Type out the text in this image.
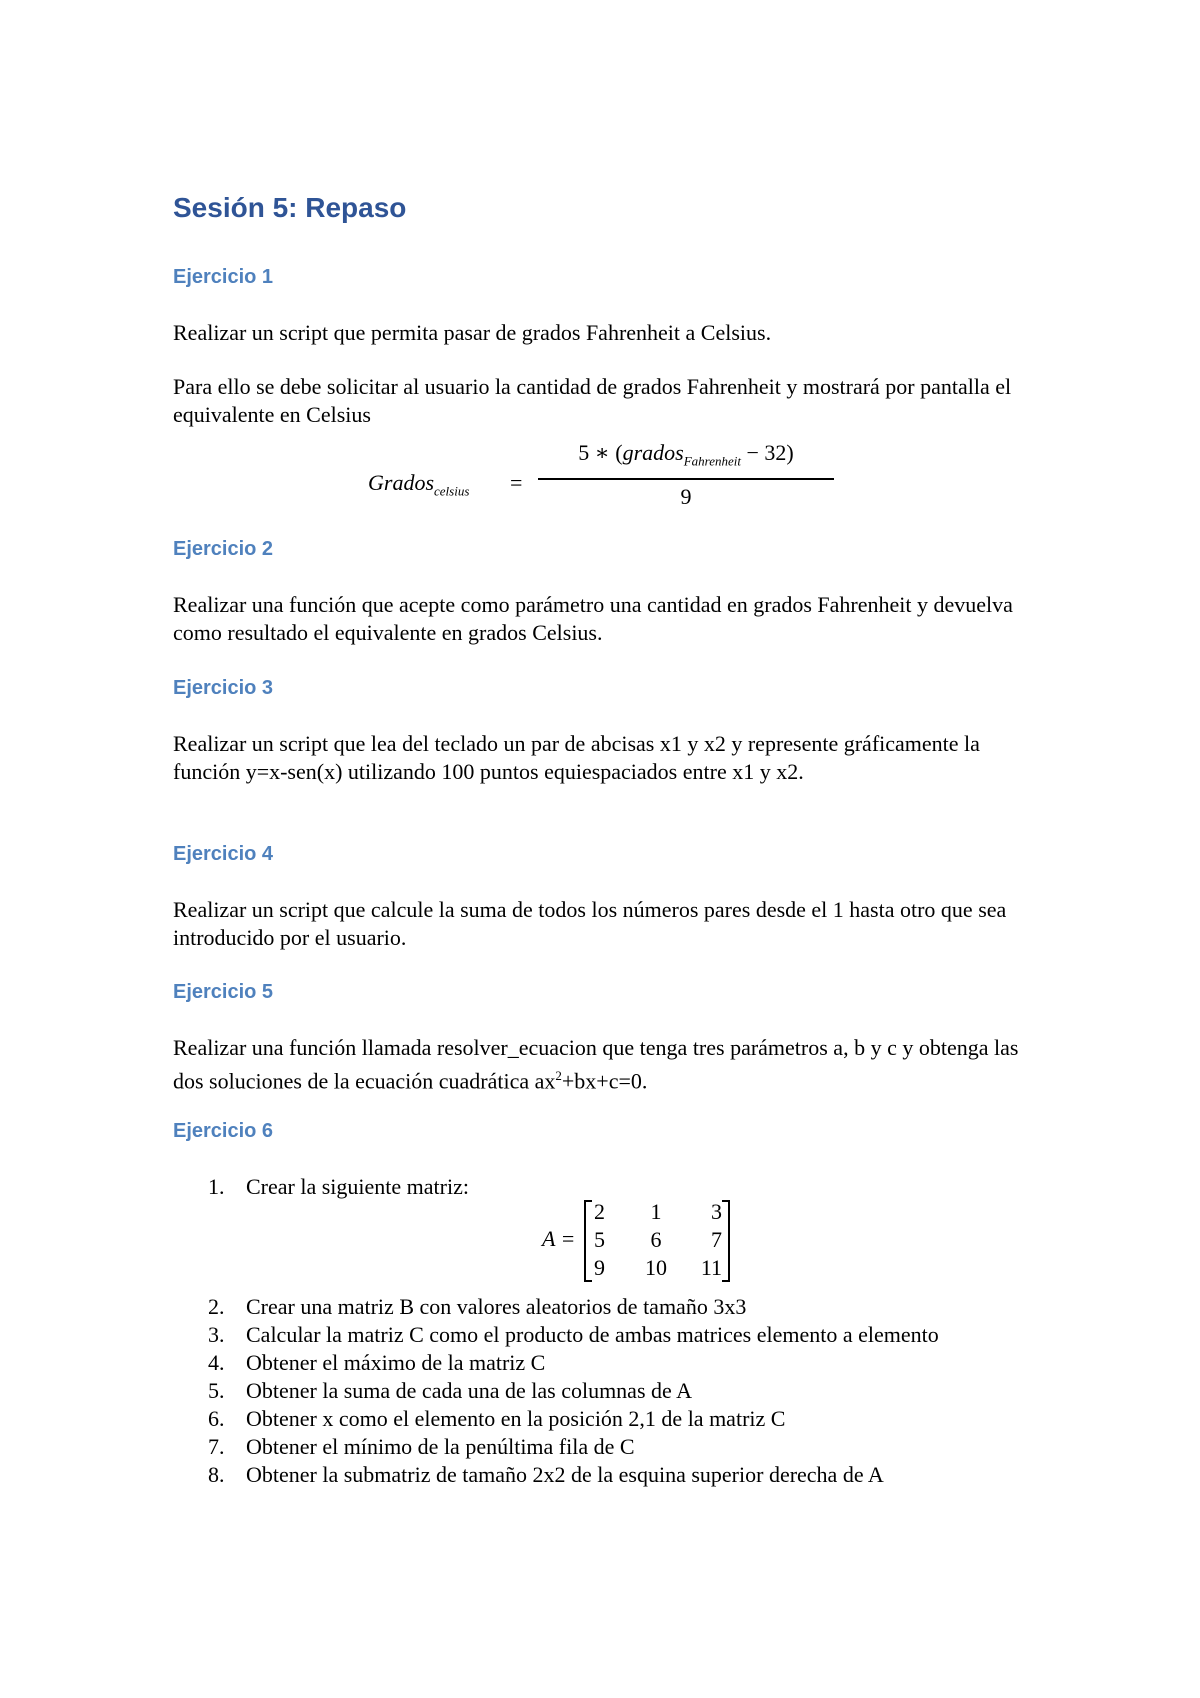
Sesión 5: Repaso
Ejercicio 1

Realizar un script que permita pasar de grados Fahrenheit a Celsius.

Para ello se debe solicitar al usuario la cantidad de grados Fahrenheit y mostrará por pantalla el equivalente en Celsius

Grados$_{celsius}$ =
5 ∗ (grados$_{Fahrenheit}$ − 32)
9
Ejercicio 2

Realizar una función que acepte como parámetro una cantidad en grados Fahrenheit y devuelva como resultado el equivalente en grados Celsius.

Ejercicio 3

Realizar un script que lea del teclado un par de abcisas x1 y x2 y represente gráficamente la función y=x-sen(x) utilizando 100 puntos equiespaciados entre x1 y x2.

Ejercicio 4

Realizar un script que calcule la suma de todos los números pares desde el 1 hasta otro que sea introducido por el usuario.

Ejercicio 5

Realizar una función llamada resolver_ecuacion que tenga tres parámetros a, b y c y obtenga las dos soluciones de la ecuación cuadrática $ax^2+bx+c=0$.

Ejercicio 6
1. Crear la siguiente matriz:
2. Crear una matriz B con valores aleatorios de tamaño 3x3
3. Calcular la matriz C como el producto de ambas matrices elemento a elemento
4. Obtener el máximo de la matriz C
5. Obtener la suma de cada una de las columnas de A
6. Obtener x como el elemento en la posición 2,1 de la matriz C
7. Obtener el mínimo de la penúltima fila de C
8. Obtener la submatriz de tamaño 2x2 de la esquina superior derecha de A
A =
2	1	3
5	6	7
9	10	11
